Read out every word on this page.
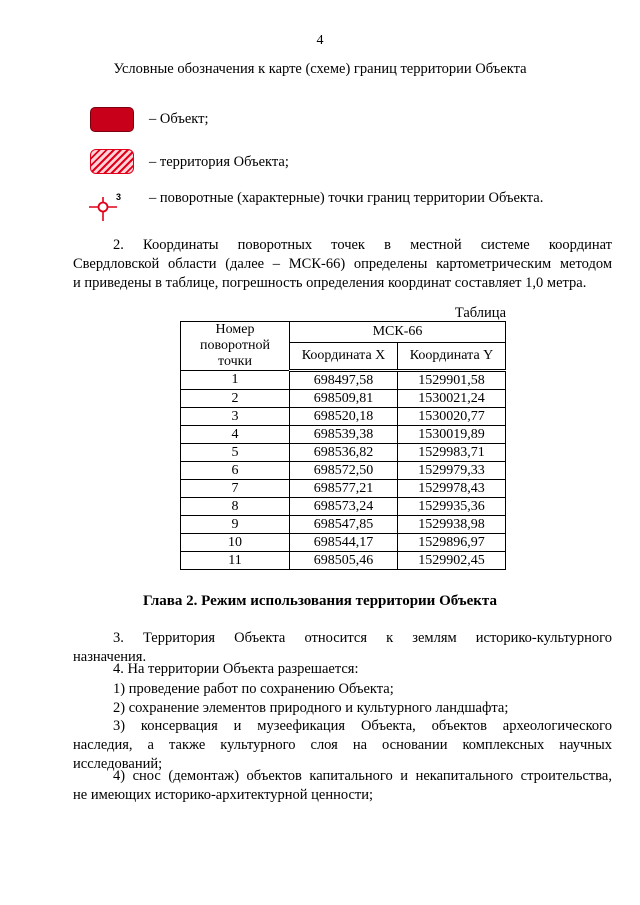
4
Условные обозначения к карте (схеме) границ территории Объекта
– Объект;
– территория Объекта;
3 – поворотные (характерные) точки границ территории Объекта.
2. Координаты поворотных точек в местной системе координат
Свердловской области (далее – МСК-66) определены картометрическим методом
и приведены в таблице, погрешность определения координат составляет 1,0 метра.
Таблица
Номер поворотной точки	МСК-66	
	Координата X	Координата Y
1	698497,58	1529901,58
2	698509,81	1530021,24
3	698520,18	1530020,77
4	698539,38	1530019,89
5	698536,82	1529983,71
6	698572,50	1529979,33
7	698577,21	1529978,43
8	698573,24	1529935,36
9	698547,85	1529938,98
10	698544,17	1529896,97
11	698505,46	1529902,45
Глава 2. Режим использования территории Объекта
3. Территория Объекта относится к землям историко-культурного
назначения.
4. На территории Объекта разрешается:
1) проведение работ по сохранению Объекта;
2) сохранение элементов природного и культурного ландшафта;
3) консервация и музеефикация Объекта, объектов археологического
наследия, а также культурного слоя на основании комплексных научных
исследований;
4) снос (демонтаж) объектов капитального и некапитального строительства,
не имеющих историко-архитектурной ценности;
